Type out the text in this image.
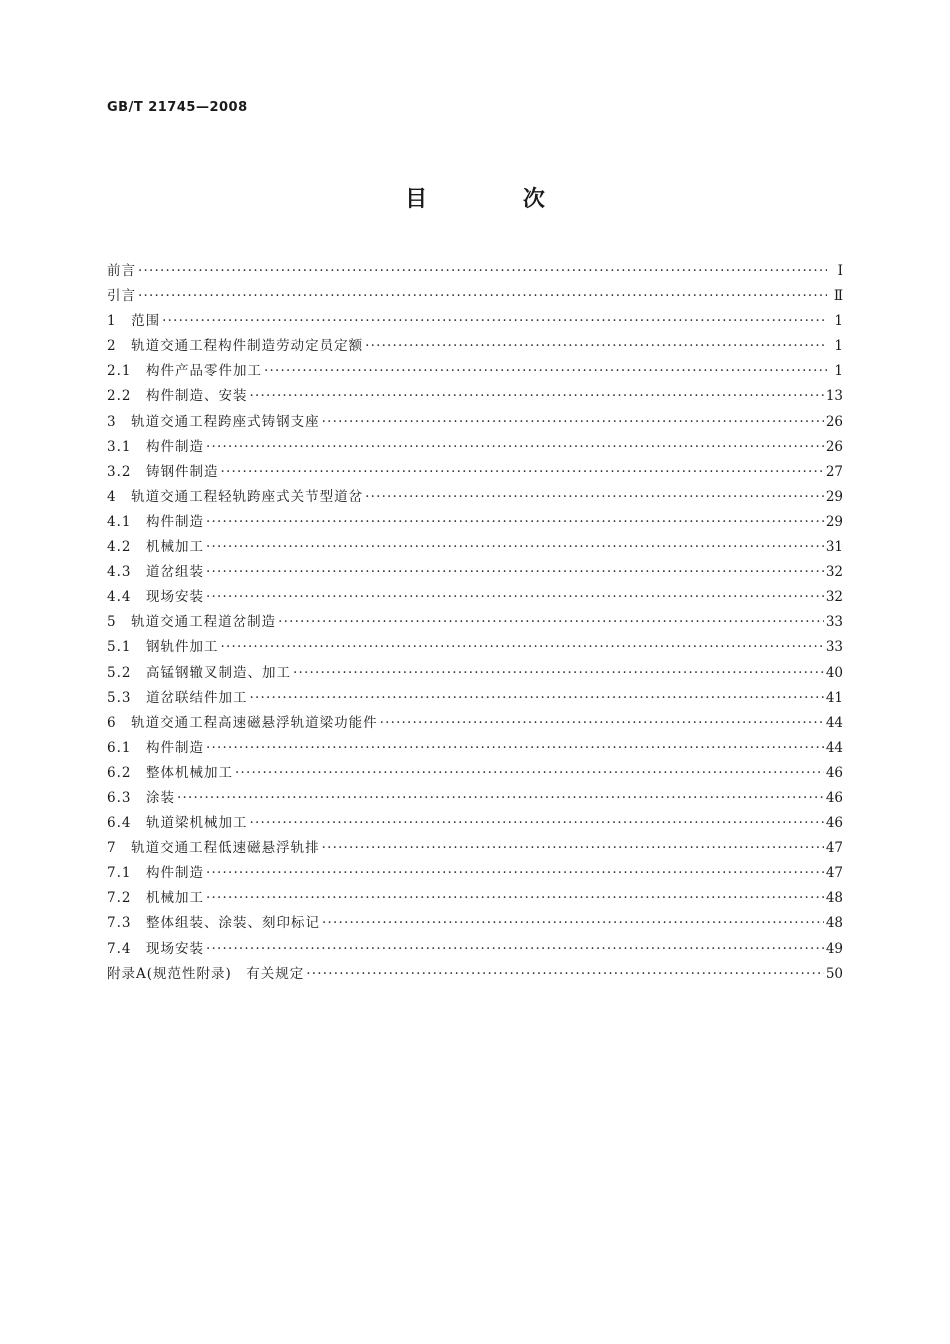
GB/T 21745—2008
目 次
前言 ·····	Ⅰ
引言 ·····	Ⅱ
1　范围 ·····	1
2　轨道交通工程构件制造劳动定员定额 ·····	1
2.1　构件产品零件加工 ·····	1
2.2　构件制造、安装 ·····	13
3　轨道交通工程跨座式铸钢支座 ·····	26
3.1　构件制造 ·····	26
3.2　铸钢件制造 ·····	27
4　轨道交通工程轻轨跨座式关节型道岔 ·····	29
4.1　构件制造 ·····	29
4.2　机械加工 ·····	31
4.3　道岔组装 ·····	32
4.4　现场安装 ·····	32
5　轨道交通工程道岔制造 ·····	33
5.1　钢轨件加工 ·····	33
5.2　高锰钢辙叉制造、加工 ·····	40
5.3　道岔联结件加工 ·····	41
6　轨道交通工程高速磁悬浮轨道梁功能件 ·····	44
6.1　构件制造 ·····	44
6.2　整体机械加工 ·····	46
6.3　涂装 ·····	46
6.4　轨道梁机械加工 ·····	46
7　轨道交通工程低速磁悬浮轨排 ·····	47
7.1　构件制造 ·····	47
7.2　机械加工 ·····	48
7.3　整体组装、涂装、刻印标记 ·····	48
7.4　现场安装 ·····	49
附录A(规范性附录)　有关规定 ·····	50
